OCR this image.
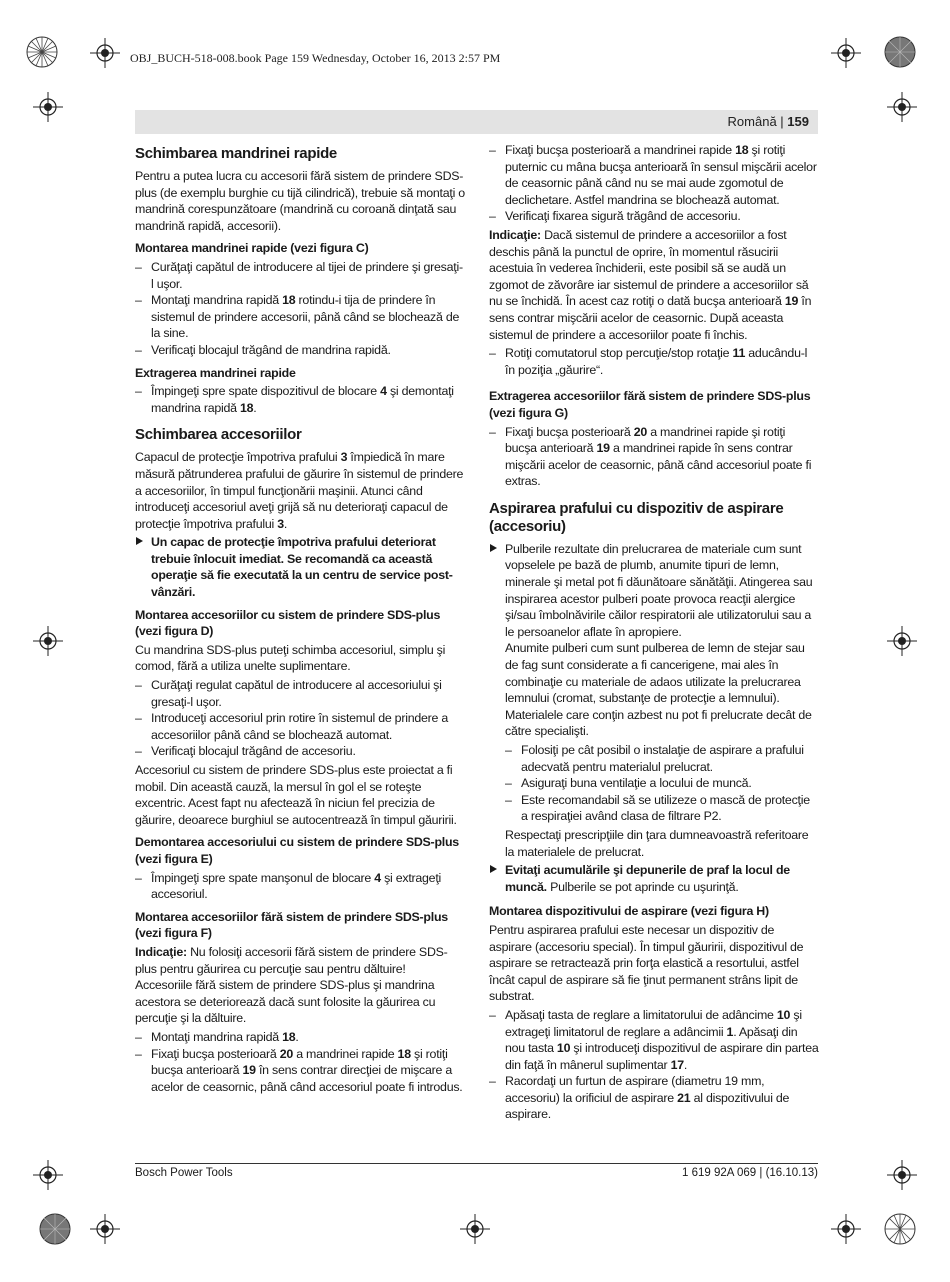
OBJ_BUCH-518-008.book Page 159 Wednesday, October 16, 2013 2:57 PM
Română | 159
Schimbarea mandrinei rapide

Pentru a putea lucra cu accesorii fără sistem de prindere SDS-plus (de exemplu burghie cu tijă cilindrică), trebuie să montaţi o mandrină corespunzătoare (mandrină cu coroană dinţată sau mandrină rapidă, accesorii).

Montarea mandrinei rapide (vezi figura C)
– Curăţaţi capătul de introducere al tijei de prindere şi gresaţi-l uşor.
– Montaţi mandrina rapidă 18 rotindu-i tija de prindere în sistemul de prindere accesorii, până când se blochează de la sine.
– Verificaţi blocajul trăgând de mandrina rapidă.
Extragerea mandrinei rapide
– Împingeţi spre spate dispozitivul de blocare 4 şi demontaţi mandrina rapidă 18.
Schimbarea accesoriilor

Capacul de protecţie împotriva prafului 3 împiedică în mare măsură pătrunderea prafului de găurire în sistemul de prindere a accesoriilor, în timpul funcţionării maşinii. Atunci când introduceţi accesoriul aveţi grijă să nu deterioraţi capacul de protecţie împotriva prafului 3.

Un capac de protecţie împotriva prafului deteriorat trebuie înlocuit imediat. Se recomandă ca această operaţie să fie executată la un centru de service post-vânzări.
Montarea accesoriilor cu sistem de prindere SDS-plus (vezi figura D)

Cu mandrina SDS-plus puteţi schimba accesoriul, simplu şi comod, fără a utiliza unelte suplimentare.

– Curăţaţi regulat capătul de introducere al accesoriului şi gresaţi-l uşor.
– Introduceţi accesoriul prin rotire în sistemul de prindere a accesoriilor până când se blochează automat.
– Verificaţi blocajul trăgând de accesoriu.

Accesoriul cu sistem de prindere SDS-plus este proiectat a fi mobil. Din această cauză, la mersul în gol el se roteşte excentric. Acest fapt nu afectează în niciun fel precizia de găurire, deoarece burghiul se autocentrează în timpul găuririi.

Demontarea accesoriului cu sistem de prindere SDS-plus (vezi figura E)
– Împingeţi spre spate manşonul de blocare 4 şi extrageţi accesoriul.
Montarea accesoriilor fără sistem de prindere SDS-plus (vezi figura F)

Indicaţie: Nu folosiţi accesorii fără sistem de prindere SDS-plus pentru găurirea cu percuţie sau pentru dăltuire! Accesoriile fără sistem de prindere SDS-plus şi mandrina acestora se deteriorează dacă sunt folosite la găurirea cu percuţie şi la dăltuire.

– Montaţi mandrina rapidă 18.
– Fixaţi bucşa posterioară 20 a mandrinei rapide 18 şi rotiţi bucşa anterioară 19 în sens contrar direcţiei de mişcare a acelor de ceasornic, până când accesoriul poate fi introdus.
– Fixaţi bucşa posterioară a mandrinei rapide 18 şi rotiţi puternic cu mâna bucşa anterioară în sensul mişcării acelor de ceasornic până când nu se mai aude zgomotul de declichetare. Astfel mandrina se blochează automat.
– Verificaţi fixarea sigură trăgând de accesoriu.

Indicaţie: Dacă sistemul de prindere a accesoriilor a fost deschis până la punctul de oprire, în momentul răsucirii acestuia în vederea închiderii, este posibil să se audă un zgomot de zăvorâre iar sistemul de prindere a accesoriilor să nu se închidă. În acest caz rotiţi o dată bucşa anterioară 19 în sens contrar mişcării acelor de ceasornic. După aceasta sistemul de prindere a accesoriilor poate fi închis.

– Rotiţi comutatorul stop percuţie/stop rotaţie 11 aducându-l în poziţia „găurire“.
Extragerea accesoriilor fără sistem de prindere SDS-plus (vezi figura G)
– Fixaţi bucşa posterioară 20 a mandrinei rapide şi rotiţi bucşa anterioară 19 a mandrinei rapide în sens contrar mişcării acelor de ceasornic, până când accesoriul poate fi extras.
Aspirarea prafului cu dispozitiv de aspirare (accesoriu)

Pulberile rezultate din prelucrarea de materiale cum sunt vopselele pe bază de plumb, anumite tipuri de lemn, minerale şi metal pot fi dăunătoare sănătăţii. Atingerea sau inspirarea acestor pulberi poate provoca reacţii alergice şi/sau îmbolnăvirile căilor respiratorii ale utilizatorului sau a le persoanelor aflate în apropiere.

Anumite pulberi cum sunt pulberea de lemn de stejar sau de fag sunt considerate a fi cancerigene, mai ales în combinaţie cu materiale de adaos utilizate la prelucrarea lemnului (cromat, substanţe de protecţie a lemnului). Materialele care conţin azbest nu pot fi prelucrate decât de către specialişti.

– Folosiţi pe cât posibil o instalaţie de aspirare a prafului adecvată pentru materialul prelucrat.
– Asiguraţi buna ventilaţie a locului de muncă.
– Este recomandabil să se utilizeze o mască de protecţie a respiraţiei având clasa de filtrare P2.

Respectaţi prescripţiile din ţara dumneavoastră referitoare la materialele de prelucrat.

Evitaţi acumulările şi depunerile de praf la locul de muncă. Pulberile se pot aprinde cu uşurinţă.
Montarea dispozitivului de aspirare (vezi figura H)

Pentru aspirarea prafului este necesar un dispozitiv de aspirare (accesoriu special). În timpul găuririi, dispozitivul de aspirare se retractează prin forţa elastică a resortului, astfel încât capul de aspirare să fie ţinut permanent strâns lipit de substrat.

– Apăsaţi tasta de reglare a limitatorului de adâncime 10 şi extrageţi limitatorul de reglare a adâncimii 1. Apăsaţi din nou tasta 10 şi introduceţi dispozitivul de aspirare din partea din faţă în mânerul suplimentar 17.
– Racordaţi un furtun de aspirare (diametru 19 mm, accesoriu) la orificiul de aspirare 21 al dispozitivului de aspirare.
Bosch Power Tools	1 619 92A 069 | (16.10.13)
